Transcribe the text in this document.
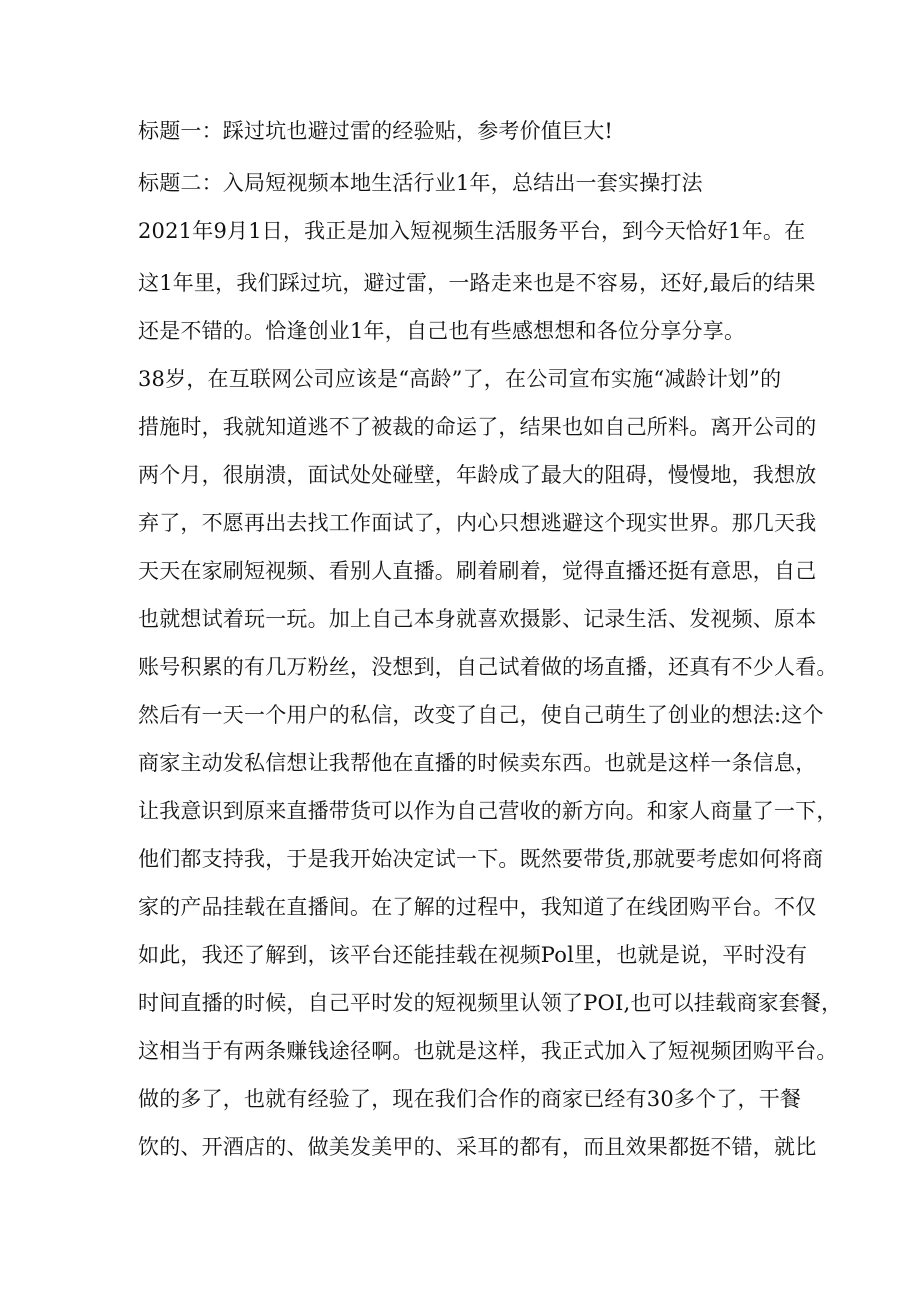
标题一：踩过坑也避过雷的经验贴，参考价值巨大!
标题二：入局短视频本地生活行业1年，总结出一套实操打法
2021年9月1日，我正是加入短视频生活服务平台，到今天恰好1年。在
这1年里，我们踩过坑，避过雷，一路走来也是不容易，还好,最后的结果
还是不错的。恰逢创业1年，自己也有些感想想和各位分享分享。
38岁，在互联网公司应该是“高龄”了，在公司宣布实施“减龄计划”的
措施时，我就知道逃不了被裁的命运了，结果也如自己所料。离开公司的
两个月，很崩溃，面试处处碰壁，年龄成了最大的阻碍，慢慢地，我想放
弃了，不愿再出去找工作面试了，内心只想逃避这个现实世界。那几天我
天天在家刷短视频、看别人直播。刷着刷着，觉得直播还挺有意思，自己
也就想试着玩一玩。加上自己本身就喜欢摄影、记录生活、发视频、原本
账号积累的有几万粉丝，没想到，自己试着做的场直播，还真有不少人看。
然后有一天一个用户的私信，改变了自己，使自己萌生了创业的想法:这个
商家主动发私信想让我帮他在直播的时候卖东西。也就是这样一条信息，
让我意识到原来直播带货可以作为自己营收的新方向。和家人商量了一下，
他们都支持我，于是我开始决定试一下。既然要带货,那就要考虑如何将商
家的产品挂载在直播间。在了解的过程中，我知道了在线团购平台。不仅
如此，我还了解到，该平台还能挂载在视频Pol里，也就是说，平时没有
时间直播的时候，自己平时发的短视频里认领了POI,也可以挂载商家套餐，
这相当于有两条赚钱途径啊。也就是这样，我正式加入了短视频团购平台。
做的多了，也就有经验了，现在我们合作的商家已经有30多个了，干餐
饮的、开酒店的、做美发美甲的、采耳的都有，而且效果都挺不错，就比
